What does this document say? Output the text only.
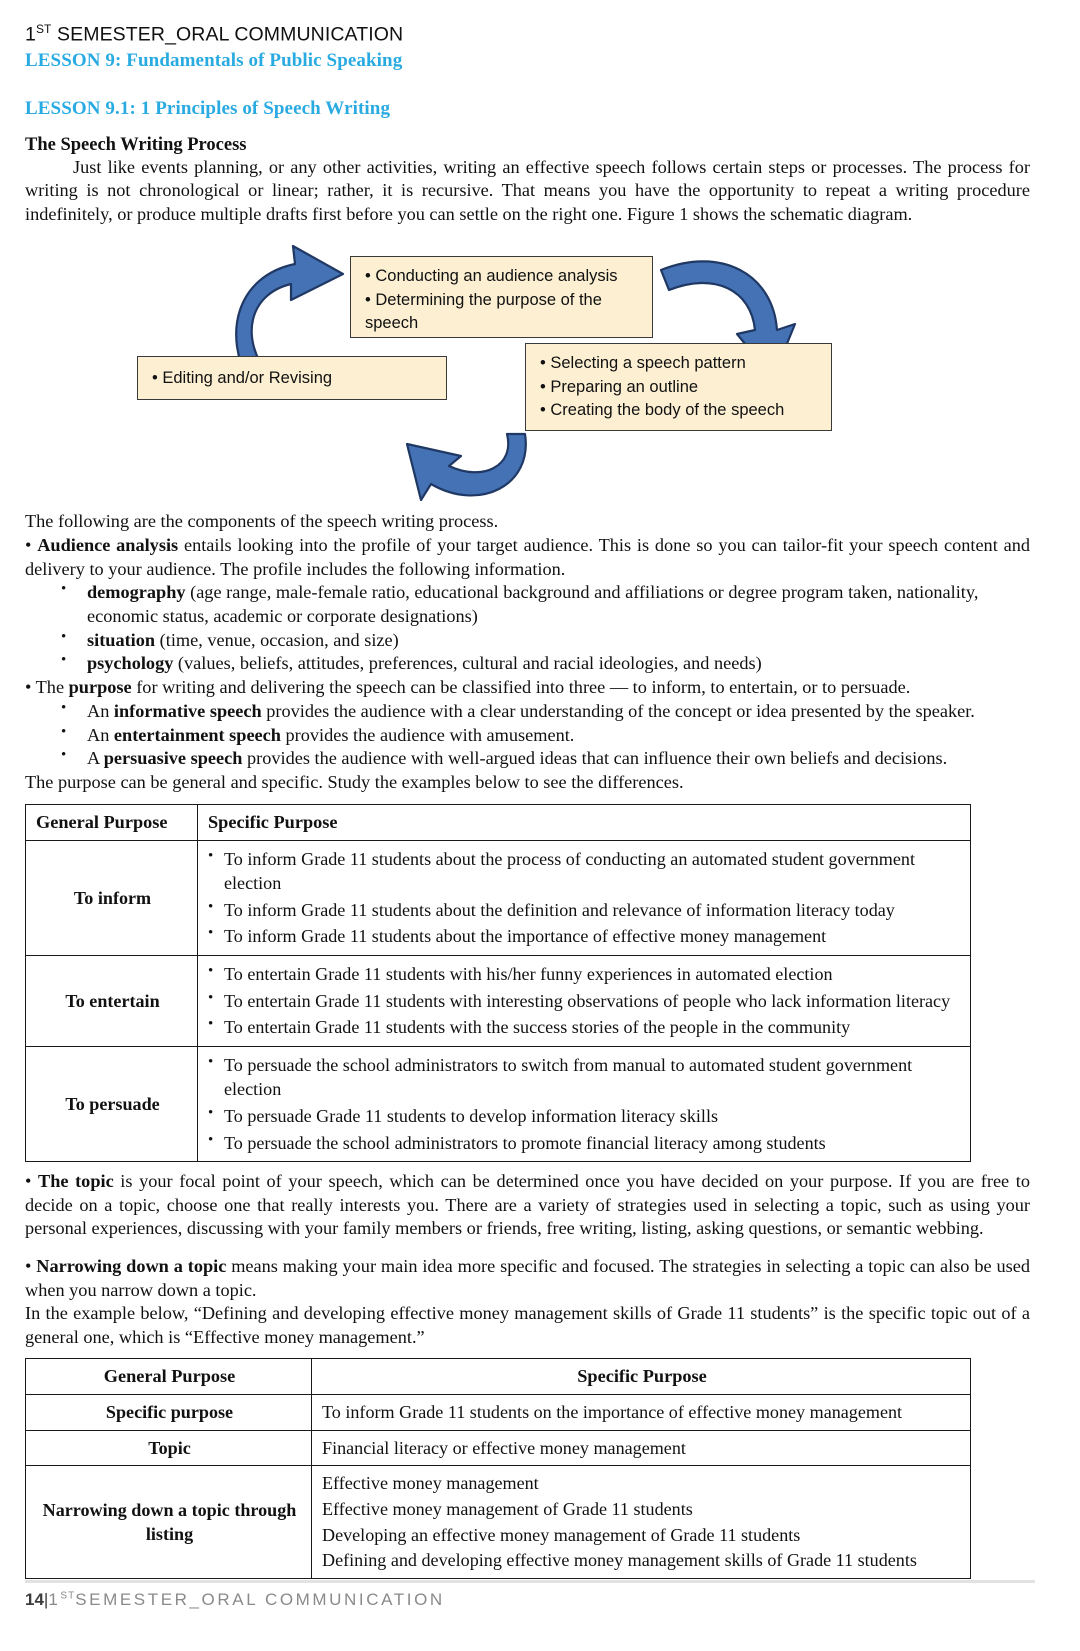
1ST SEMESTER_ORAL COMMUNICATION
LESSON 9: Fundamentals of Public Speaking
LESSON 9.1: 1 Principles of Speech Writing
The Speech Writing Process

Just like events planning, or any other activities, writing an effective speech follows certain steps or processes. The process for writing is not chronological or linear; rather, it is recursive. That means you have the opportunity to repeat a writing procedure indefinitely, or produce multiple drafts first before you can settle on the right one. Figure 1 shows the schematic diagram.

• Conducting an audience analysis
• Determining the purpose of the
speech
• Selecting a speech pattern
• Preparing an outline
• Creating the body of the speech
• Editing and/or Revising

The following are the components of the speech writing process.

• Audience analysis entails looking into the profile of your target audience. This is done so you can tailor-fit your speech content and delivery to your audience. The profile includes the following information.

• demography (age range, male-female ratio, educational background and affiliations or degree program taken, nationality, economic status, academic or corporate designations)
• situation (time, venue, occasion, and size)
• psychology (values, beliefs, attitudes, preferences, cultural and racial ideologies, and needs)

• The purpose for writing and delivering the speech can be classified into three — to inform, to entertain, or to persuade.

• An informative speech provides the audience with a clear understanding of the concept or idea presented by the speaker.
• An entertainment speech provides the audience with amusement.
• A persuasive speech provides the audience with well-argued ideas that can influence their own beliefs and decisions.

The purpose can be general and specific. Study the examples below to see the differences.

General Purpose	Specific Purpose
To inform	
• To inform Grade 11 students about the process of conducting an automated student government election
• To inform Grade 11 students about the definition and relevance of information literacy today
• To inform Grade 11 students about the importance of effective money management

To entertain	
• To entertain Grade 11 students with his/her funny experiences in automated election
• To entertain Grade 11 students with interesting observations of people who lack information literacy
• To entertain Grade 11 students with the success stories of the people in the community

To persuade	
• To persuade the school administrators to switch from manual to automated student government election
• To persuade Grade 11 students to develop information literacy skills
• To persuade the school administrators to promote financial literacy among students

• The topic is your focal point of your speech, which can be determined once you have decided on your purpose. If you are free to decide on a topic, choose one that really interests you. There are a variety of strategies used in selecting a topic, such as using your personal experiences, discussing with your family members or friends, free writing, listing, asking questions, or semantic webbing.

• Narrowing down a topic means making your main idea more specific and focused. The strategies in selecting a topic can also be used when you narrow down a topic.

In the example below, “Defining and developing effective money management skills of Grade 11 students” is the specific topic out of a general one, which is “Effective money management.”

General Purpose	Specific Purpose
Specific purpose	To inform Grade 11 students on the importance of effective money management

Topic	Financial literacy or effective money management

Narrowing down a topic through listing	Effective money management
Effective money management of Grade 11 students
Developing an effective money management of Grade 11 students
Defining and developing effective money management skills of Grade 11 students
14|1STSEMESTER_ORAL COMMUNICATION
